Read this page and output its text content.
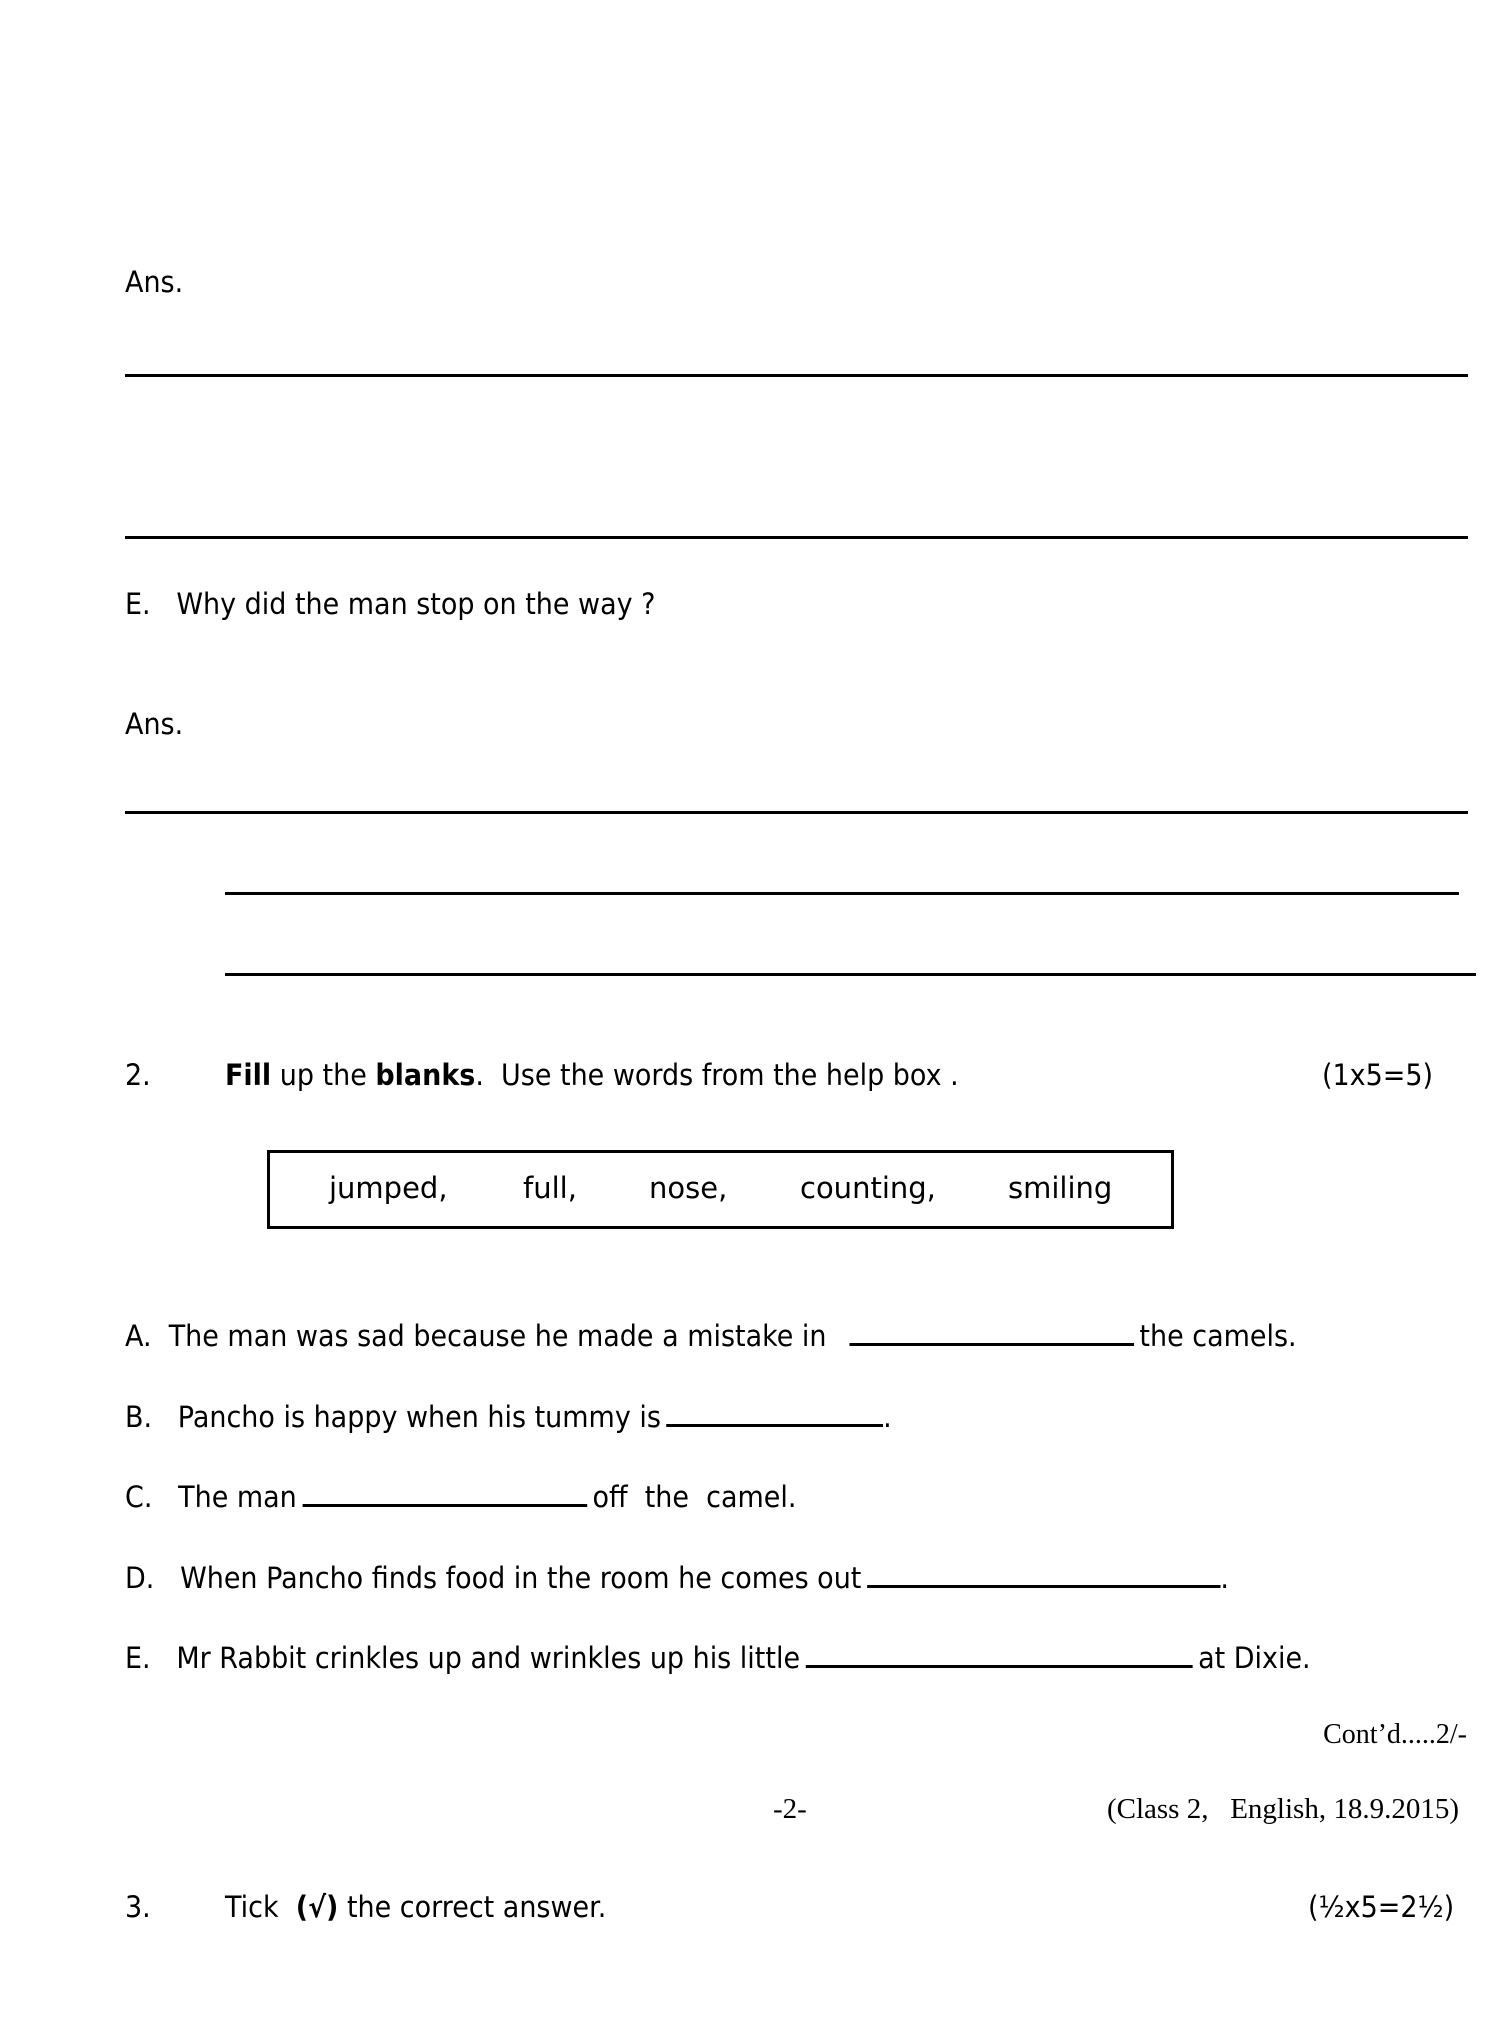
Ans.
E. Why did the man stop on the way ?
Ans.
2.	Fill up the blanks.  Use the words from the help box .	(1x5=5)
jumped,	full, nose,	counting, smiling
A. The man was sad because he made a mistake in	the camels.
B. Pancho is happy when his tummy is	.
C. The man	off  the  camel.
D. When Pancho finds food in the room he comes out	.
E. Mr Rabbit crinkles up and wrinkles up his little	at Dixie.
Cont’d.....2/-
-2-	(Class 2,   English, 18.9.2015)
3.	Tick  (√) the correct answer.	(½x5=2½)
